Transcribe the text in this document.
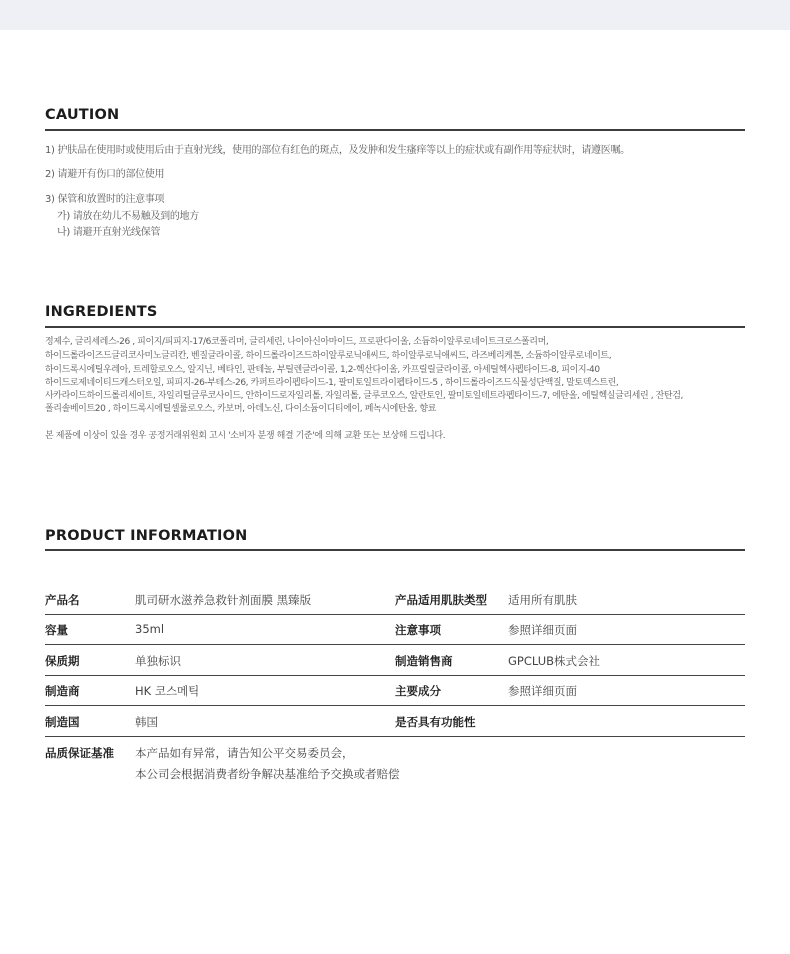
CAUTION
1) 护肤品在使用时或使用后由于直射光线，使用的部位有红色的斑点，及发肿和发生瘙痒等以上的症状或有副作用等症状时，请遵医嘱。
2) 请避开有伤口的部位使用
3) 保管和放置时的注意事项
가) 请放在幼儿不易触及到的地方
나) 请避开直射光线保管
INGREDIENTS
정제수, 글리세레스-26 , 피이지/피피지-17/6코폴리머, 글리세린, 나이아신아마이드, 프로판다이올, 소듐하이알루로네이트크로스폴리머,
하이드롤라이즈드글리코사미노글리칸, 벤질글라이콜, 하이드롤라이즈드하이알루로닉애씨드, 하이알루로닉애씨드, 라즈베리케톤, 소듐하이알루로네이트,
하이드록시에틸우레아, 트레할로오스, 알지닌, 베타인, 판테놀, 부틸렌글라이콜, 1,2-헥산다이올, 카프릴릴글라이콜, 아세틸헥사펩타이드-8, 피이지-40
하이드로제네이티드캐스터오일, 피피지-26-부테스-26, 카퍼트라이펩타이드-1, 팔미토일트라이펩타이드-5 , 하이드롤라이즈드식물성단백질, 말토덱스트린,
사카라이드하이드롤리세이트, 자일리틸글루코사이드, 안하이드로자일리톨, 자일리톨, 글루코오스, 알란토인, 팔미토일테트라펩타이드-7, 에탄올, 에틸헥실글리세린 , 잔탄검,
폴리솔베이트20 , 하이드록시에틸셀룰로오스, 카보머, 아데노신, 다이소듐이디티에이, 페녹시에탄올, 향료
본 제품에 이상이 있을 경우 공정거래위원회 고시 '소비자 분쟁 해결 기준'에 의해 교환 또는 보상해 드립니다.
PRODUCT INFORMATION
产品名	肌司研水滋养急救针剂面膜 黑臻版	产品适用肌肤类型 适用所有肌肤
容量	35ml	注意事项	参照详细页面
保质期	单独标识	制造销售商	GPCLUB株式会社
制造商	HK 코스메틱	主要成分	参照详细页面
制造国	韩国	是否具有功能性
品质保证基准 本产品如有异常，请告知公平交易委员会，
本公司会根据消费者纷争解决基准给予交换或者赔偿
